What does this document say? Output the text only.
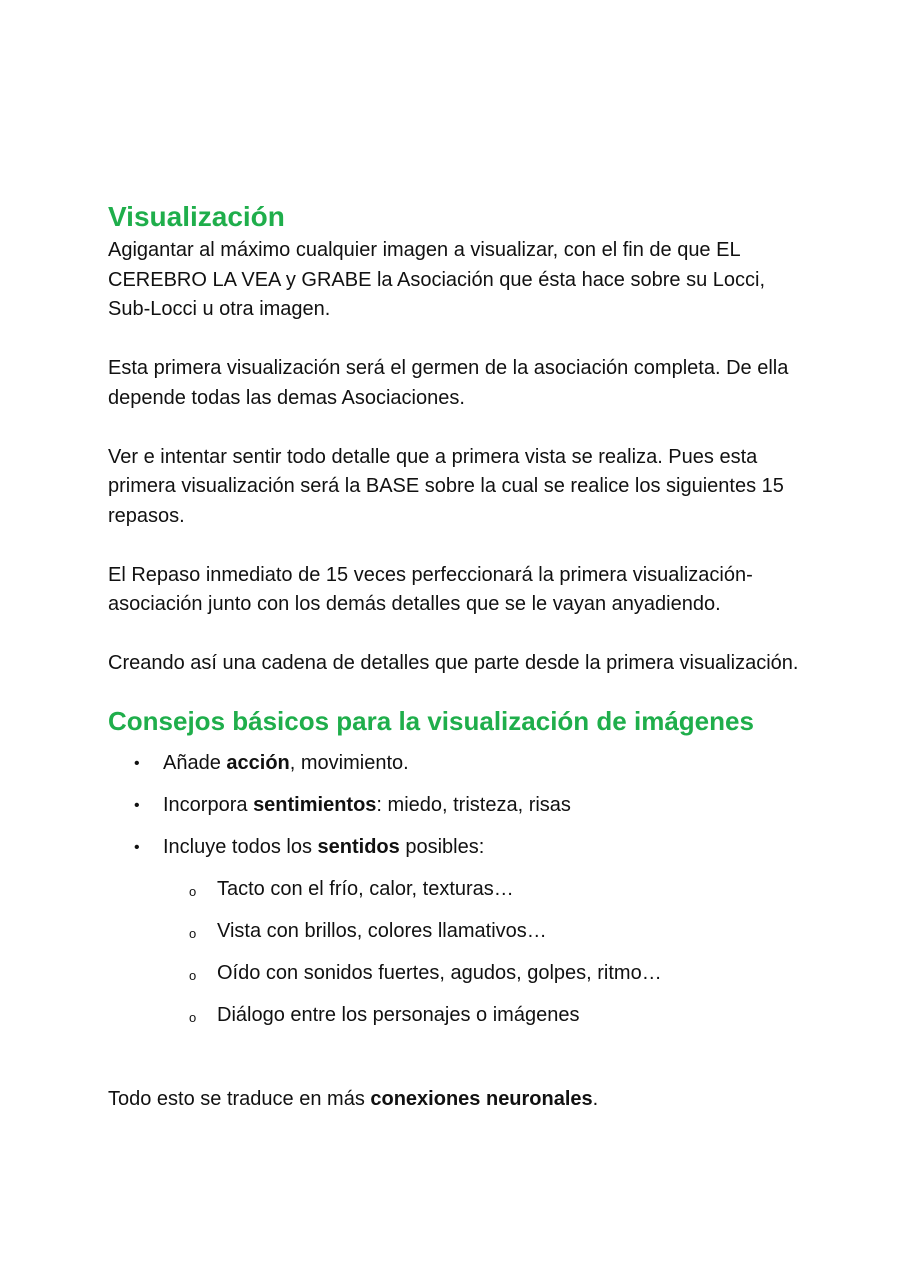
Visualización

Agigantar al máximo cualquier imagen a visualizar, con el fin de que EL CEREBRO LA VEA y GRABE la Asociación que ésta hace sobre su Locci, Sub-Locci u otra imagen.

Esta primera visualización será el germen de la asociación completa. De ella depende todas las demas Asociaciones.

Ver e intentar sentir todo detalle que a primera vista se realiza. Pues esta primera visualización será la BASE sobre la cual se realice los siguientes 15 repasos.

El Repaso inmediato de 15 veces perfeccionará la primera visualización-asociación junto con los demás detalles que se le vayan anyadiendo.

Creando así una cadena de detalles que parte desde la primera visualización.

Consejos básicos para la visualización de imágenes
• Añade acción, movimiento.
• Incorpora sentimientos: miedo, tristeza, risas
• Incluye todos los sentidos posibles:
o Tacto con el frío, calor, texturas…
o Vista con brillos, colores llamativos…
o Oído con sonidos fuertes, agudos, golpes, ritmo…
o Diálogo entre los personajes o imágenes

Todo esto se traduce en más conexiones neuronales.
